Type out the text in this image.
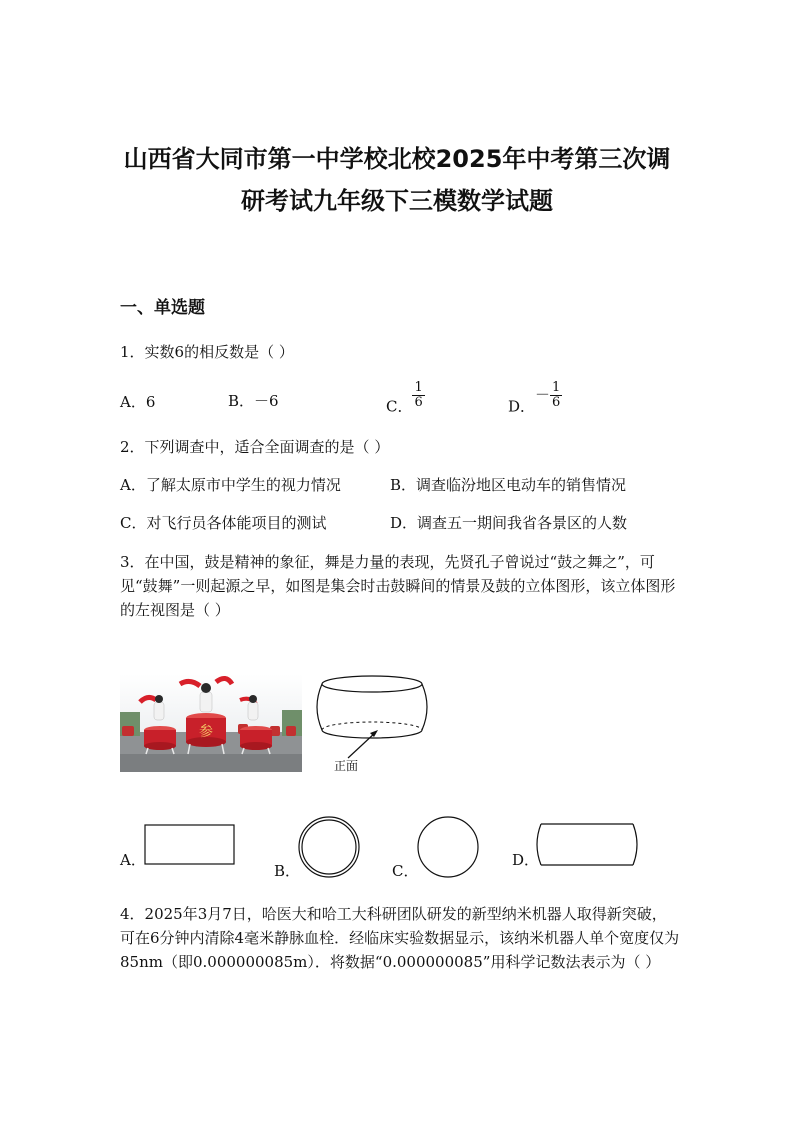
山西省大同市第一中学校北校2025年中考第三次调
研考试九年级下三模数学试题
一、单选题
1．实数6的相反数是（ ）
A．6	B．－6	C． $\frac{1}{6}$	D．－ $\frac{1}{6}$
2．下列调查中，适合全面调查的是（ ）
A．了解太原市中学生的视力情况	B．调查临汾地区电动车的销售情况
C．对飞行员各体能项目的测试	D．调查五一期间我省各景区的人数
3．在中国，鼓是精神的象征，舞是力量的表现，先贤孔子曾说过“鼓之舞之”，可见“鼓舞”一则起源之早，如图是集会时击鼓瞬间的情景及鼓的立体图形，该立体图形的左视图是（ ）
参
正面
A．
B．	C．
D．
4．2025年3月7日，哈医大和哈工大科研团队研发的新型纳米机器人取得新突破，可在6分钟内清除4毫米静脉血栓．经临床实验数据显示，该纳米机器人单个宽度仅为85nm（即0.000000085m）．将数据“0.000000085”用科学记数法表示为（ ）
